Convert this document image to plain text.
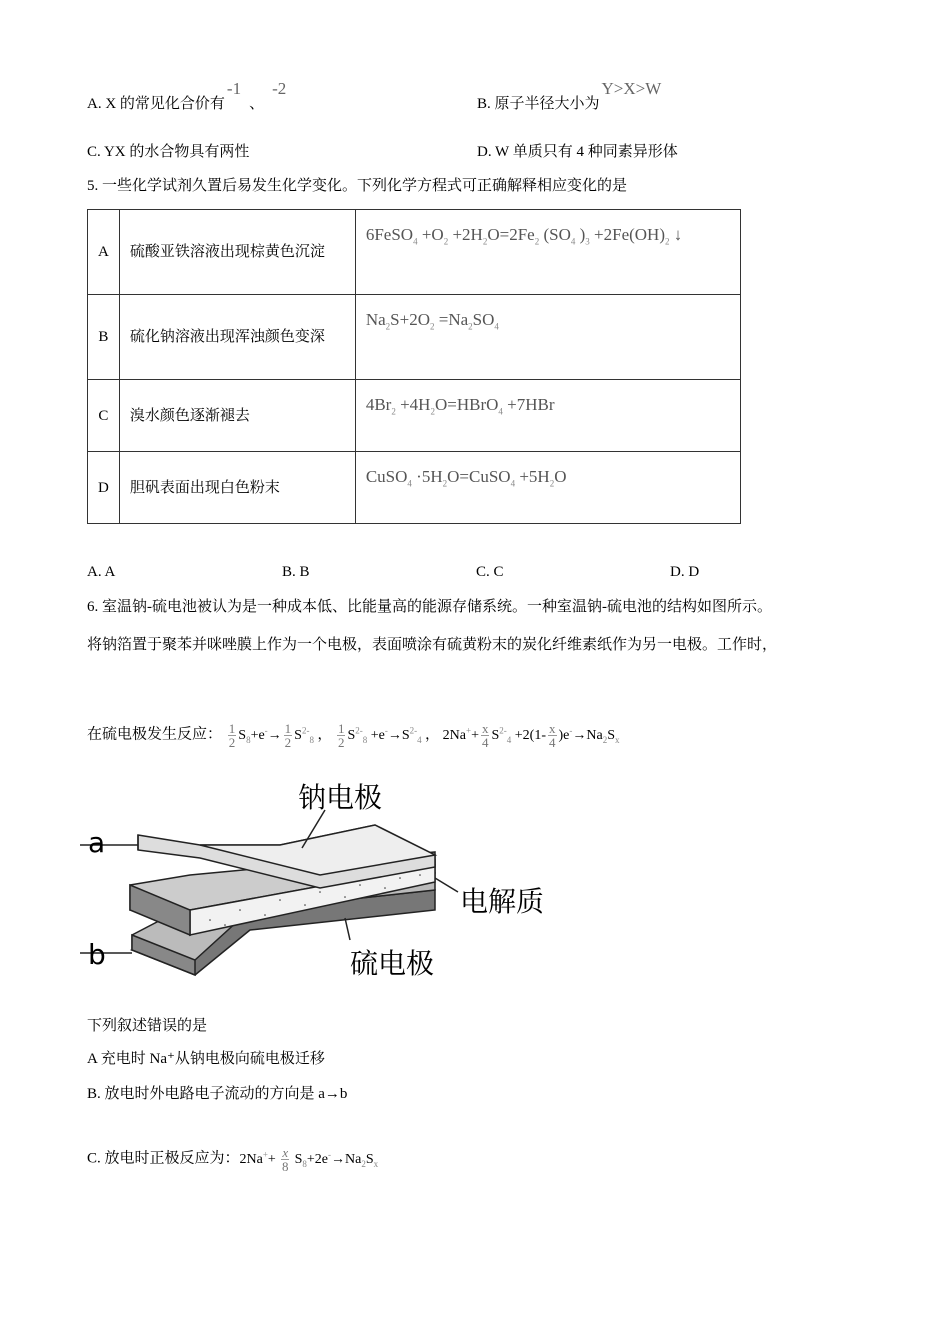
A. X 的常见化合价有-1、-2
B. 原子半径大小为Y>X>W
C. YX 的水合物具有两性	D. W 单质只有 4 种同素异形体
5. 一些化学试剂久置后易发生化学变化。下列化学方程式可正确解释相应变化的是
A	硫酸亚铁溶液出现棕黄色沉淀	6FeSO$_4$ $+O_2 +2H_2O=2Fe_2$ ($SO_4$ )$_3 +2Fe(OH)_2$ ↓
B	硫化钠溶液出现浑浊颜色变深	$Na_2S+2O_2 =Na_2SO_4$
C	溴水颜色逐渐褪去	$4Br_2$ $+4H_2O=HBrO_4 +7HBr$
D	胆矾表面出现白色粉末	CuSO$_4$ $\cdot 5H_2O=CuSO_4 +5H_2O$
A. A	B. B	C. C	D. D
6. 室温钠-硫电池被认为是一种成本低、比能量高的能源存储系统。一种室温钠-硫电池的结构如图所示。
将钠箔置于聚苯并咪唑膜上作为一个电极，表面喷涂有硫黄粉末的炭化纤维素纸作为另一电极。工作时，
在硫电极发生反应： $\frac{1}{2} S_8+e^-\to \frac{1}{2} S^{2-}_8$ ， $\frac{1}{2} S^{2-}_8 +e^-\to S^{2-}_4$ ， $2Na^++ \frac{x}{4} S^{2-}_4 +2(1- \frac{x}{4} )e^-\to Na_2S_x$
钠电极
电解质
硫电极
a
b
下列叙述错误的是
A 充电时 Na⁺从钠电极向硫电极迁移
B. 放电时外电路电子流动的方向是 a→b
C. 放电时正极反应为：$2Na^++ \frac{x}{8} S_8+2e^-\to Na_2S_x$
